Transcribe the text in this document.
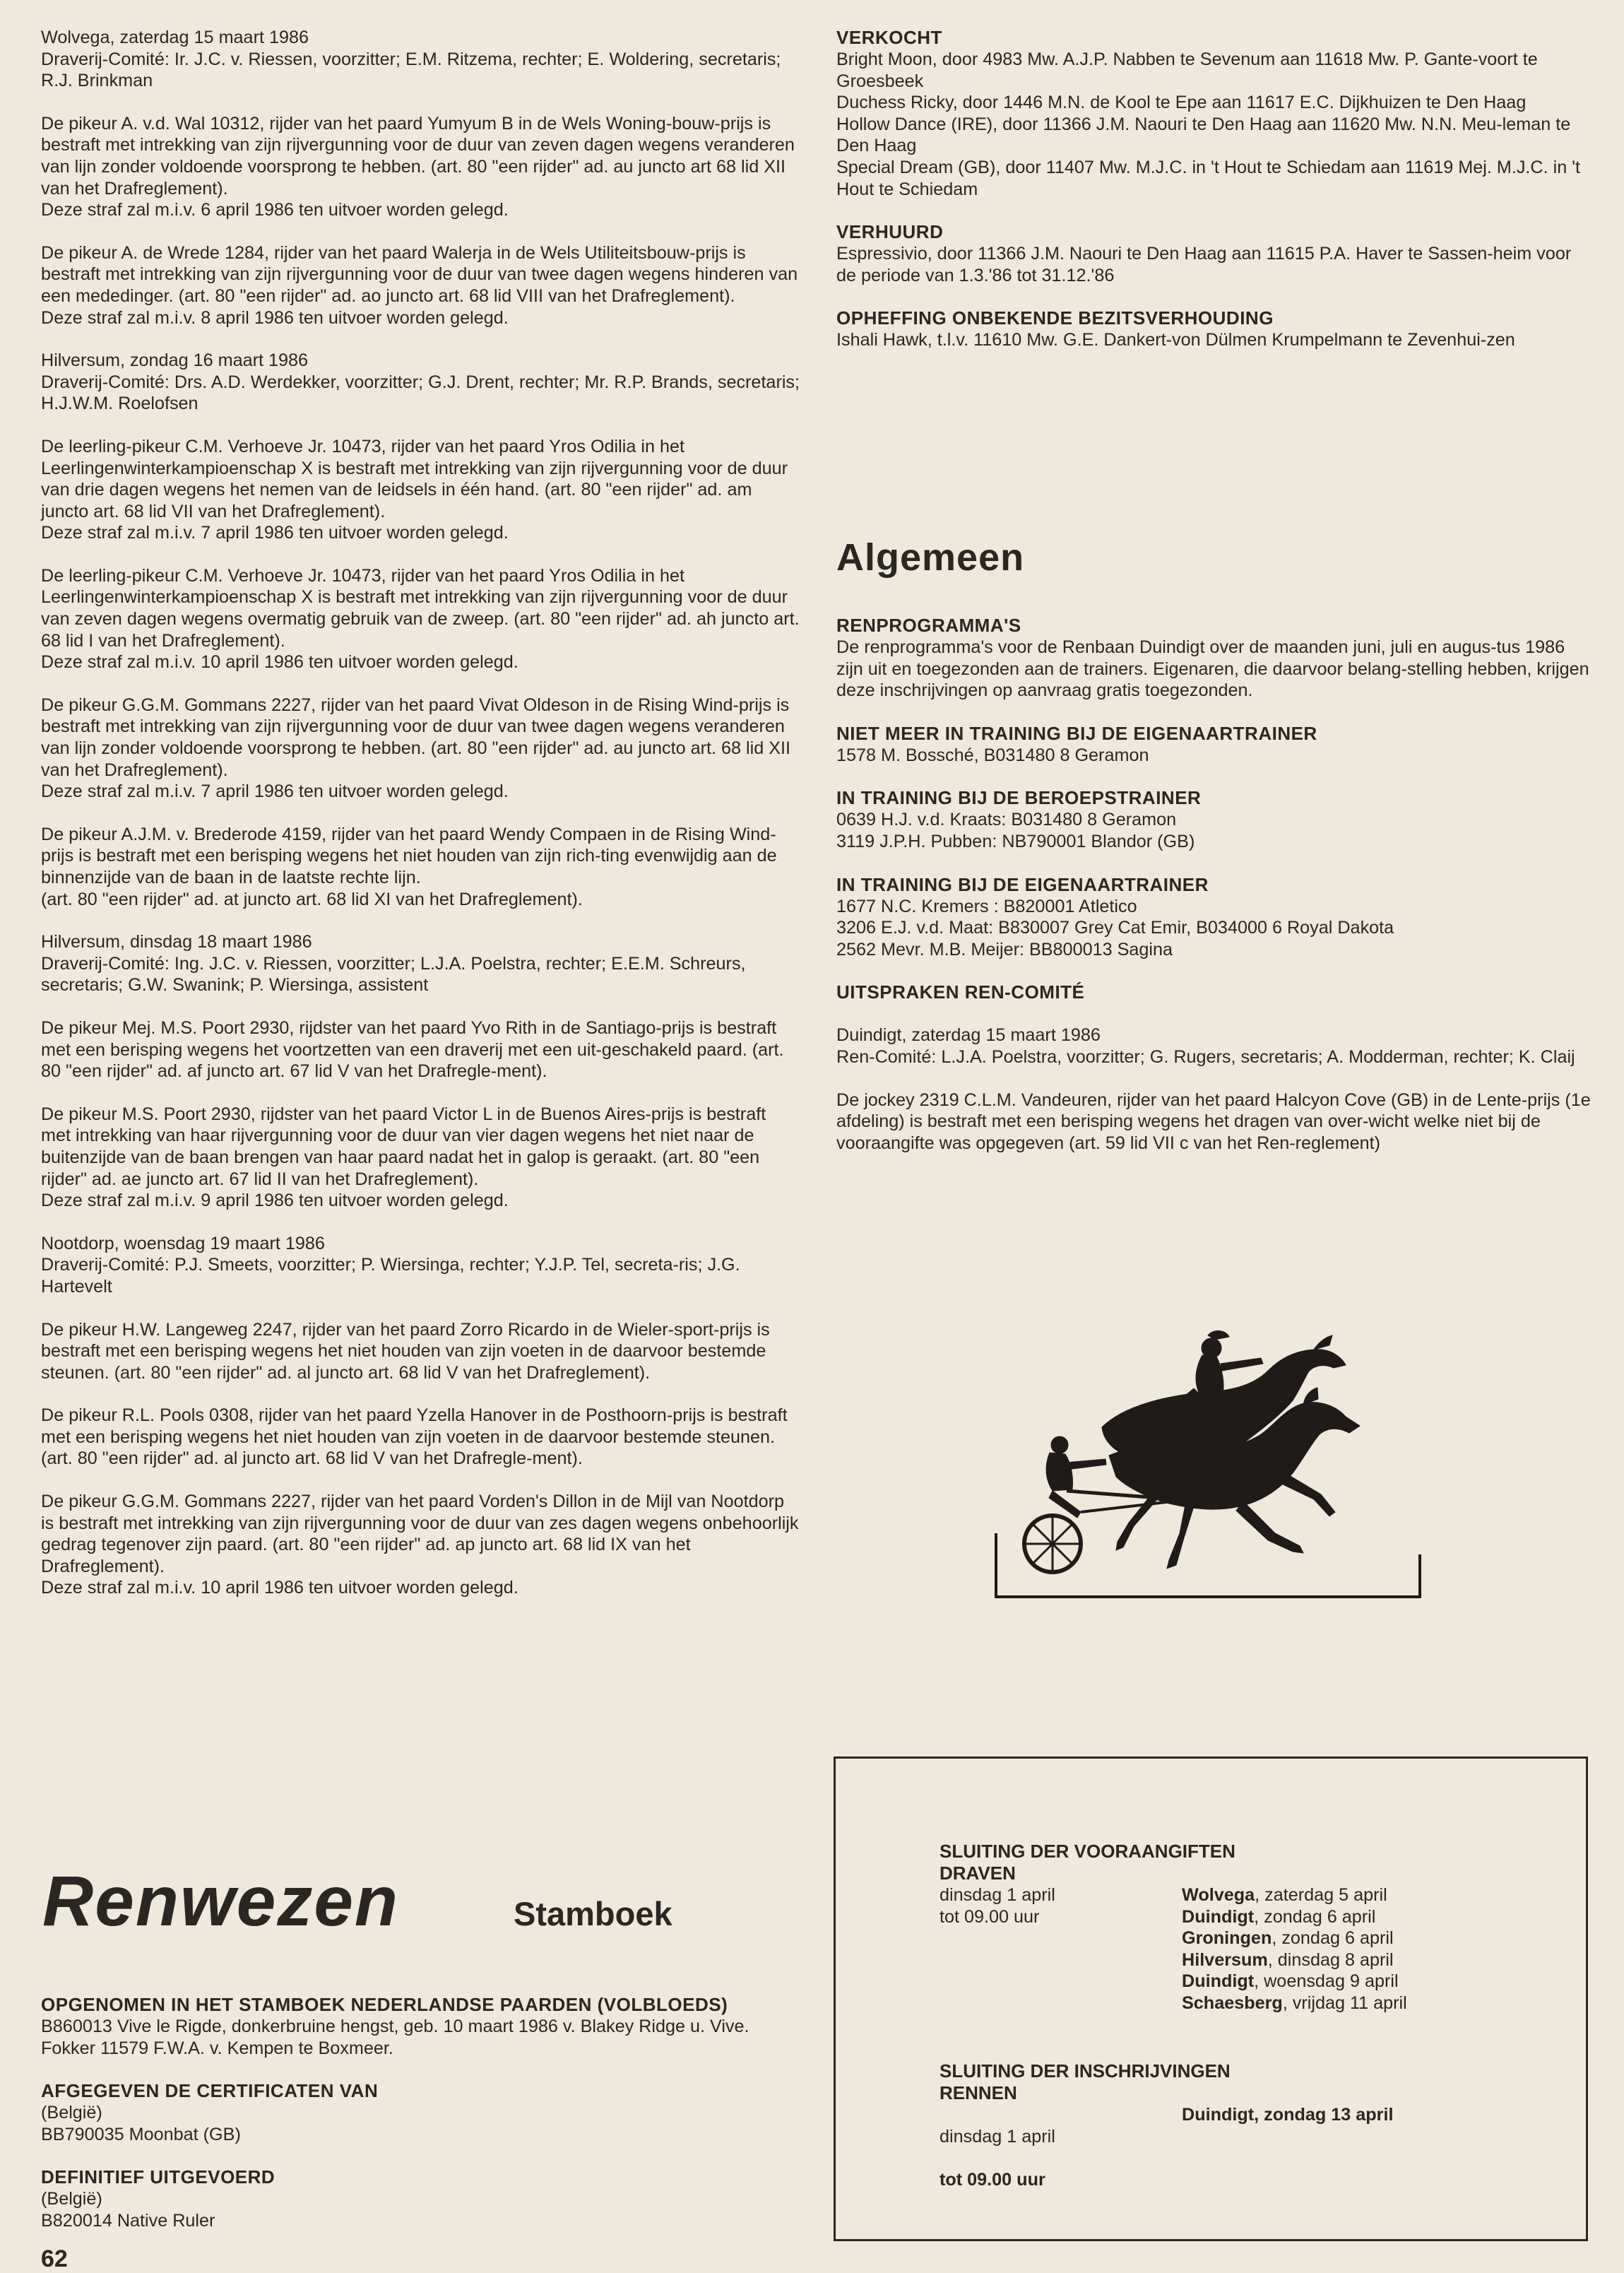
Wolvega, zaterdag 15 maart 1986
Draverij-Comité: Ir. J.C. v. Riessen, voorzitter; E.M. Ritzema, rechter; E. Woldering, secretaris; R.J. Brinkman
De pikeur A. v.d. Wal 10312, rijder van het paard Yumyum B in de Wels Woning-bouw-prijs is bestraft met intrekking van zijn rijvergunning voor de duur van zeven dagen wegens veranderen van lijn zonder voldoende voorsprong te hebben. (art. 80 "een rijder" ad. au juncto art 68 lid XII van het Drafreglement).
Deze straf zal m.i.v. 6 april 1986 ten uitvoer worden gelegd.
De pikeur A. de Wrede 1284, rijder van het paard Walerja in de Wels Utiliteitsbouw-prijs is bestraft met intrekking van zijn rijvergunning voor de duur van twee dagen wegens hinderen van een mededinger. (art. 80 "een rijder" ad. ao juncto art. 68 lid VIII van het Drafreglement).
Deze straf zal m.i.v. 8 april 1986 ten uitvoer worden gelegd.
Hilversum, zondag 16 maart 1986
Draverij-Comité: Drs. A.D. Werdekker, voorzitter; G.J. Drent, rechter; Mr. R.P. Brands, secretaris; H.J.W.M. Roelofsen
De leerling-pikeur C.M. Verhoeve Jr. 10473, rijder van het paard Yros Odilia in het Leerlingenwinterkampioenschap X is bestraft met intrekking van zijn rijvergunning voor de duur van drie dagen wegens het nemen van de leidsels in één hand. (art. 80 "een rijder" ad. am juncto art. 68 lid VII van het Drafreglement).
Deze straf zal m.i.v. 7 april 1986 ten uitvoer worden gelegd.
De leerling-pikeur C.M. Verhoeve Jr. 10473, rijder van het paard Yros Odilia in het Leerlingenwinterkampioenschap X is bestraft met intrekking van zijn rijvergunning voor de duur van zeven dagen wegens overmatig gebruik van de zweep. (art. 80 "een rijder" ad. ah juncto art. 68 lid I van het Drafreglement).
Deze straf zal m.i.v. 10 april 1986 ten uitvoer worden gelegd.
De pikeur G.G.M. Gommans 2227, rijder van het paard Vivat Oldeson in de Rising Wind-prijs is bestraft met intrekking van zijn rijvergunning voor de duur van twee dagen wegens veranderen van lijn zonder voldoende voorsprong te hebben. (art. 80 "een rijder" ad. au juncto art. 68 lid XII van het Drafreglement).
Deze straf zal m.i.v. 7 april 1986 ten uitvoer worden gelegd.
De pikeur A.J.M. v. Brederode 4159, rijder van het paard Wendy Compaen in de Rising Wind-prijs is bestraft met een berisping wegens het niet houden van zijn rich-ting evenwijdig aan de binnenzijde van de baan in de laatste rechte lijn.
(art. 80 "een rijder" ad. at juncto art. 68 lid XI van het Drafreglement).
Hilversum, dinsdag 18 maart 1986
Draverij-Comité: Ing. J.C. v. Riessen, voorzitter; L.J.A. Poelstra, rechter; E.E.M. Schreurs, secretaris; G.W. Swanink; P. Wiersinga, assistent
De pikeur Mej. M.S. Poort 2930, rijdster van het paard Yvo Rith in de Santiago-prijs is bestraft met een berisping wegens het voortzetten van een draverij met een uit-geschakeld paard. (art. 80 "een rijder" ad. af juncto art. 67 lid V van het Drafregle-ment).
De pikeur M.S. Poort 2930, rijdster van het paard Victor L in de Buenos Aires-prijs is bestraft met intrekking van haar rijvergunning voor de duur van vier dagen wegens het niet naar de buitenzijde van de baan brengen van haar paard nadat het in galop is geraakt. (art. 80 "een rijder" ad. ae juncto art. 67 lid II van het Drafreglement).
Deze straf zal m.i.v. 9 april 1986 ten uitvoer worden gelegd.
Nootdorp, woensdag 19 maart 1986
Draverij-Comité: P.J. Smeets, voorzitter; P. Wiersinga, rechter; Y.J.P. Tel, secreta-ris; J.G. Hartevelt
De pikeur H.W. Langeweg 2247, rijder van het paard Zorro Ricardo in de Wieler-sport-prijs is bestraft met een berisping wegens het niet houden van zijn voeten in de daarvoor bestemde steunen. (art. 80 "een rijder" ad. al juncto art. 68 lid V van het Drafreglement).
De pikeur R.L. Pools 0308, rijder van het paard Yzella Hanover in de Posthoorn-prijs is bestraft met een berisping wegens het niet houden van zijn voeten in de daarvoor bestemde steunen. (art. 80 "een rijder" ad. al juncto art. 68 lid V van het Drafregle-ment).
De pikeur G.G.M. Gommans 2227, rijder van het paard Vorden's Dillon in de Mijl van Nootdorp is bestraft met intrekking van zijn rijvergunning voor de duur van zes dagen wegens onbehoorlijk gedrag tegenover zijn paard. (art. 80 "een rijder" ad. ap juncto art. 68 lid IX van het Drafreglement).
Deze straf zal m.i.v. 10 april 1986 ten uitvoer worden gelegd.
VERKOCHT
Bright Moon, door 4983 Mw. A.J.P. Nabben te Sevenum aan 11618 Mw. P. Gante-voort te Groesbeek
Duchess Ricky, door 1446 M.N. de Kool te Epe aan 11617 E.C. Dijkhuizen te Den Haag
Hollow Dance (IRE), door 11366 J.M. Naouri te Den Haag aan 11620 Mw. N.N. Meu-leman te Den Haag
Special Dream (GB), door 11407 Mw. M.J.C. in 't Hout te Schiedam aan 11619 Mej. M.J.C. in 't Hout te Schiedam
VERHUURD
Espressivio, door 11366 J.M. Naouri te Den Haag aan 11615 P.A. Haver te Sassen-heim voor de periode van 1.3.'86 tot 31.12.'86
OPHEFFING ONBEKENDE BEZITSVERHOUDING
Ishali Hawk, t.l.v. 11610 Mw. G.E. Dankert-von Dülmen Krumpelmann te Zevenhui-zen
Algemeen
RENPROGRAMMA'S
De renprogramma's voor de Renbaan Duindigt over de maanden juni, juli en augus-tus 1986 zijn uit en toegezonden aan de trainers. Eigenaren, die daarvoor belang-stelling hebben, krijgen deze inschrijvingen op aanvraag gratis toegezonden.
NIET MEER IN TRAINING BIJ DE EIGENAARTRAINER
1578 M. Bossché, B031480 8 Geramon
IN TRAINING BIJ DE BEROEPSTRAINER
0639 H.J. v.d. Kraats: B031480 8 Geramon
3119 J.P.H. Pubben: NB790001 Blandor (GB)
IN TRAINING BIJ DE EIGENAARTRAINER
1677 N.C. Kremers : B820001 Atletico
3206 E.J. v.d. Maat: B830007 Grey Cat Emir, B034000 6 Royal Dakota
2562 Mevr. M.B. Meijer: BB800013 Sagina
UITSPRAKEN REN-COMITÉ
Duindigt, zaterdag 15 maart 1986
Ren-Comité: L.J.A. Poelstra, voorzitter; G. Rugers, secretaris; A. Modderman, rechter; K. Claij
De jockey 2319 C.L.M. Vandeuren, rijder van het paard Halcyon Cove (GB) in de Lente-prijs (1e afdeling) is bestraft met een berisping wegens het dragen van over-wicht welke niet bij de vooraangifte was opgegeven (art. 59 lid VII c van het Ren-reglement)
SLUITING DER VOORAANGIFTEN
DRAVEN
dinsdag 1 april
tot 09.00 uur
Wolvega, zaterdag 5 april
Duindigt, zondag 6 april
Groningen, zondag 6 april
Hilversum, dinsdag 8 april
Duindigt, woensdag 9 april
Schaesberg, vrijdag 11 april
SLUITING DER INSCHRIJVINGEN
RENNEN

dinsdag 1 april

tot 09.00 uur

Duindigt, zondag 13 april
Renwezen	Stamboek
OPGENOMEN IN HET STAMBOEK NEDERLANDSE PAARDEN (VOLBLOEDS)
B860013 Vive le Rigde, donkerbruine hengst, geb. 10 maart 1986 v. Blakey Ridge u. Vive. Fokker 11579 F.W.A. v. Kempen te Boxmeer.
AFGEGEVEN DE CERTIFICATEN VAN
(België)
BB790035 Moonbat (GB)
DEFINITIEF UITGEVOERD
(België)
B820014 Native Ruler
62
